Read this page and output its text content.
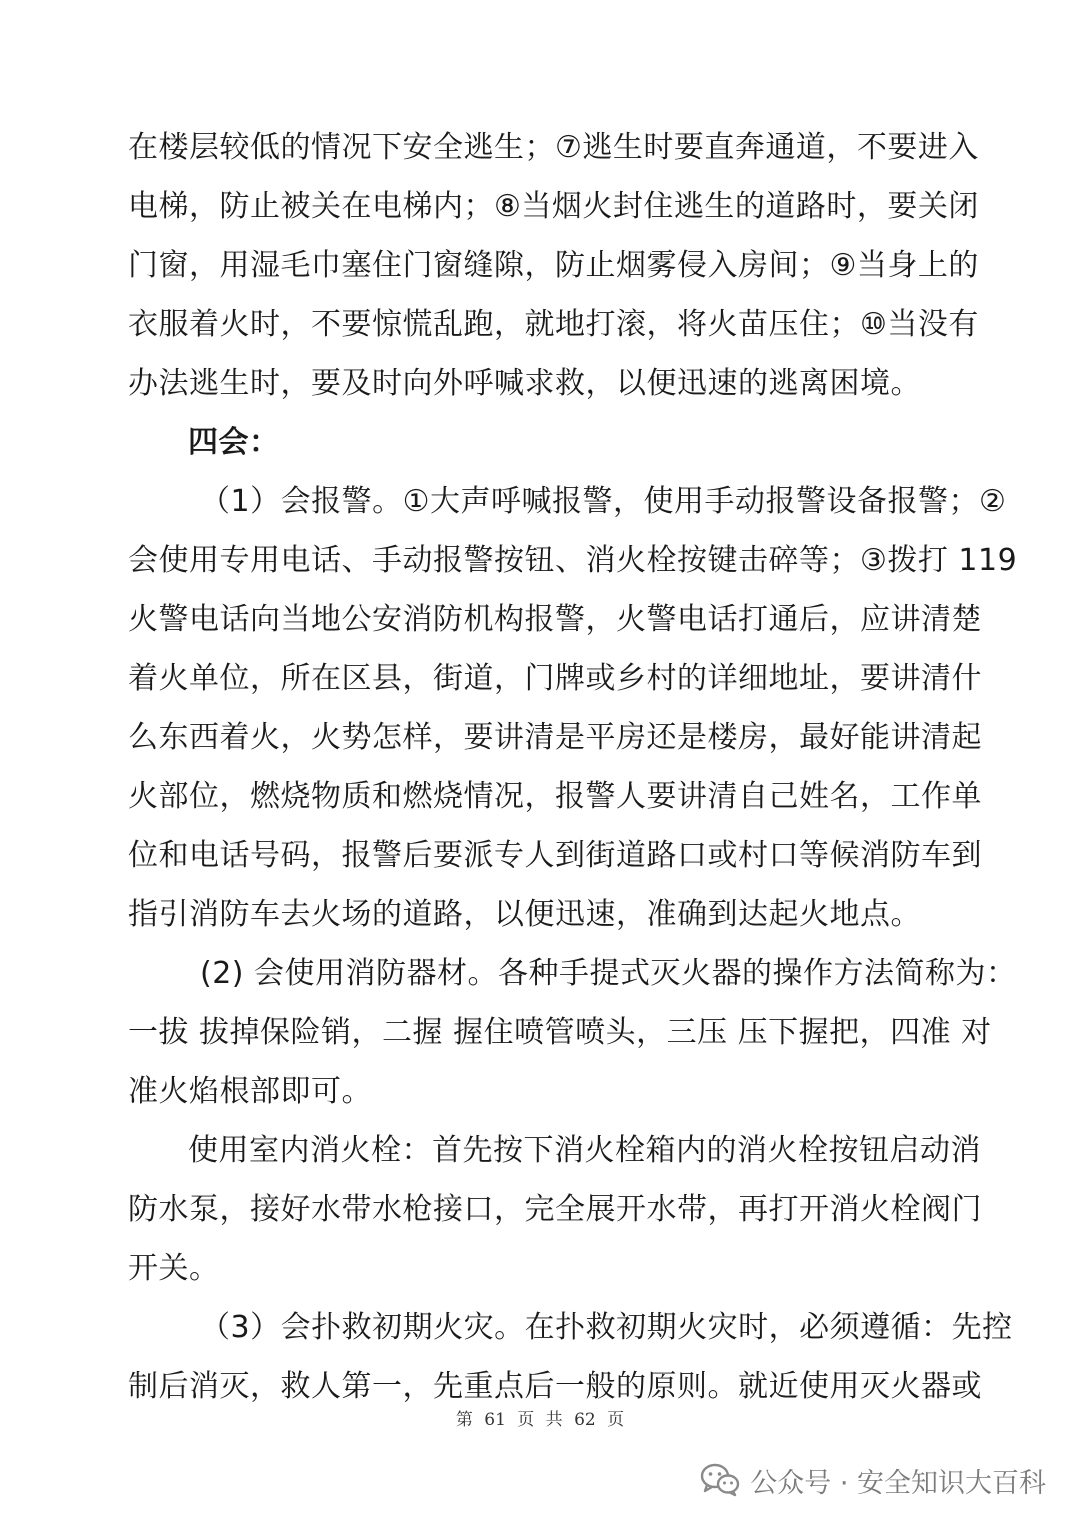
在楼层较低的情况下安全逃生；⑦逃生时要直奔通道，不要进入
电梯，防止被关在电梯内；⑧当烟火封住逃生的道路时，要关闭
门窗，用湿毛巾塞住门窗缝隙，防止烟雾侵入房间；⑨当身上的
衣服着火时，不要惊慌乱跑，就地打滚，将火苗压住；⑩当没有
办法逃生时，要及时向外呼喊求救，以便迅速的逃离困境。
四会：
（1）会报警。①大声呼喊报警，使用手动报警设备报警；②
会使用专用电话、手动报警按钮、消火栓按键击碎等；③拨打 119
火警电话向当地公安消防机构报警，火警电话打通后，应讲清楚
着火单位，所在区县，街道，门牌或乡村的详细地址，要讲清什
么东西着火，火势怎样，要讲清是平房还是楼房，最好能讲清起
火部位，燃烧物质和燃烧情况，报警人要讲清自己姓名，工作单
位和电话号码，报警后要派专人到街道路口或村口等候消防车到
指引消防车去火场的道路，以便迅速，准确到达起火地点。
(2) 会使用消防器材。各种手提式灭火器的操作方法简称为：
一拔 拔掉保险销，二握 握住喷管喷头，三压 压下握把，四准 对
准火焰根部即可。
使用室内消火栓：首先按下消火栓箱内的消火栓按钮启动消
防水泵，接好水带水枪接口，完全展开水带，再打开消火栓阀门
开关。
（3）会扑救初期火灾。在扑救初期火灾时，必须遵循：先控
制后消灭，救人第一，先重点后一般的原则。就近使用灭火器或
第 61 页 共 62 页
公众号 · 安全知识大百科
